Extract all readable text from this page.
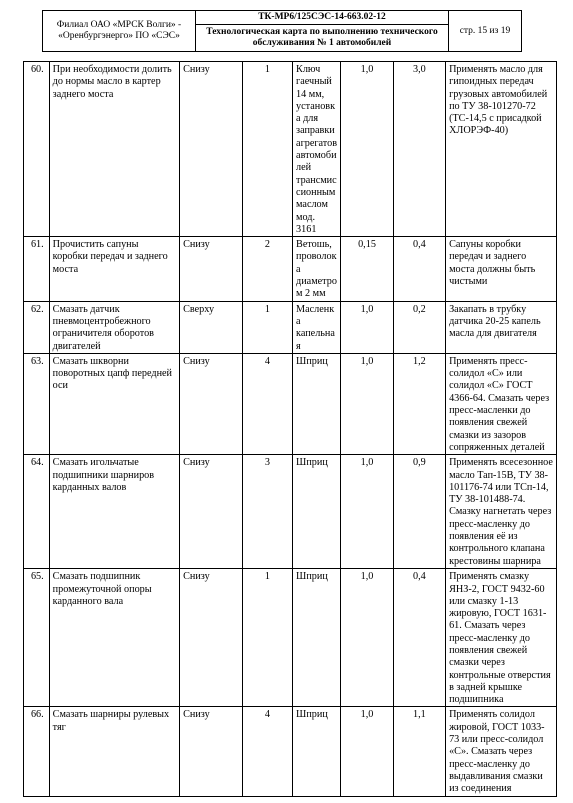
Филиал ОАО «МРСК Волги» - «Оренбургэнерго» ПО «СЭС»	ТК-МР6/125СЭС-14-663.02-12	стр. 15 из 19
Технологическая карта по выполнению технического обслуживания № 1 автомобилей
60.	При необходимости долить до нормы масло в картер заднего моста	Снизу	1	Ключ гаечный 14 мм, установка для заправки агрегатов автомобилей трансмиссионным маслом мод. 3161	1,0	3,0	Применять масло для гипоидных передач грузовых автомобилей по ТУ 38-101270-72 (ТС-14,5 с присадкой ХЛОРЭФ-40)
61.	Прочистить сапуны коробки передач и заднего моста	Снизу	2	Ветошь, проволока диаметром 2 мм	0,15	0,4	Сапуны коробки передач и заднего моста должны быть чистыми
62.	Смазать датчик пневмоцентробежного ограничителя оборотов двигателей	Сверху	1	Масленка капельная	1,0	0,2	Закапать в трубку датчика 20-25 капель масла для двигателя
63.	Смазать шкворни поворотных цапф передней оси	Снизу	4	Шприц	1,0	1,2	Применять пресс-солидол «С» или солидол «С» ГОСТ 4366-64. Смазать через пресс-масленки до появления свежей смазки из зазоров сопряженных деталей
64.	Смазать игольчатые подшипники шарниров карданных валов	Снизу	3	Шприц	1,0	0,9	Применять всесезонное масло Тап-15В, ТУ 38-101176-74 или ТСп-14, ТУ 38-101488-74. Смазку нагнетать через пресс-масленку до появления её из контрольного клапана крестовины шарнира
65.	Смазать подшипник промежуточной опоры карданного вала	Снизу	1	Шприц	1,0	0,4	Применять смазку ЯНЗ-2, ГОСТ 9432-60 или смазку 1-13 жировую, ГОСТ 1631-61. Смазать через пресс-масленку до появления свежей смазки через контрольные отверстия в задней крышке подшипника
66.	Смазать шарниры рулевых тяг	Снизу	4	Шприц	1,0	1,1	Применять солидол жировой, ГОСТ 1033-73 или пресс-солидол «С». Смазать через пресс-масленку до выдавливания смазки из соединения
